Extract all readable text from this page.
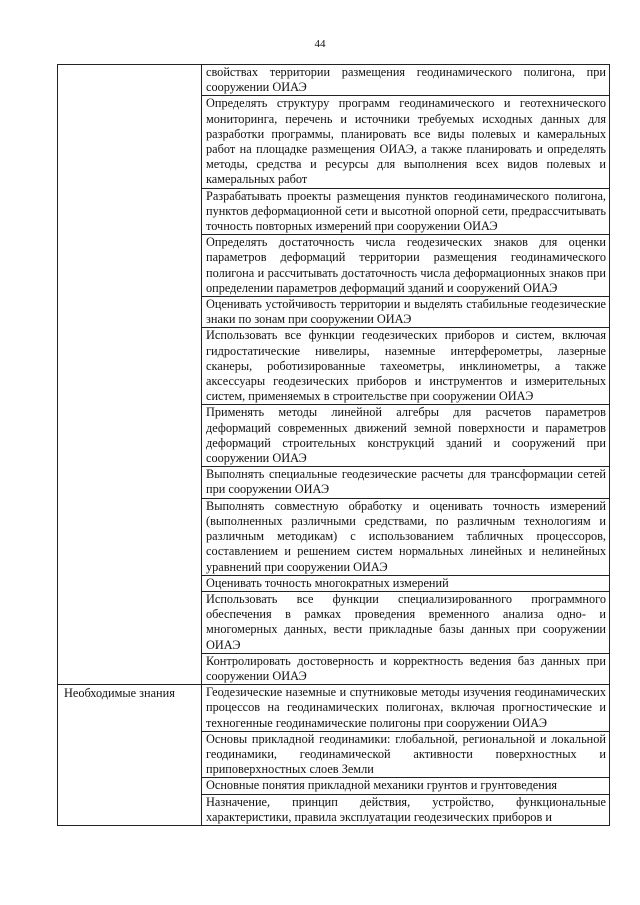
44
	свойствах территории размещения геодинамического полигона, при сооружении ОИАЭ
	Определять структуру программ геодинамического и геотехнического мониторинга, перечень и источники требуемых исходных данных для разработки программы, планировать все виды полевых и камеральных работ на площадке размещения ОИАЭ, а также планировать и определять методы, средства и ресурсы для выполнения всех видов полевых и камеральных работ
	Разрабатывать проекты размещения пунктов геодинамического полигона, пунктов деформационной сети и высотной опорной сети, предрассчитывать точность повторных измерений при сооружении ОИАЭ
	Определять достаточность числа геодезических знаков для оценки параметров деформаций территории размещения геодинамического полигона и рассчитывать достаточность числа деформационных знаков при определении параметров деформаций зданий и сооружений ОИАЭ
	Оценивать устойчивость территории и выделять стабильные геодезические знаки по зонам при сооружении ОИАЭ
	Использовать все функции геодезических приборов и систем, включая гидростатические нивелиры, наземные интерферометры, лазерные сканеры, роботизированные тахеометры, инклинометры, а также аксессуары геодезических приборов и инструментов и измерительных систем, применяемых в строительстве при сооружении ОИАЭ
	Применять методы линейной алгебры для расчетов параметров деформаций современных движений земной поверхности и параметров деформаций строительных конструкций зданий и сооружений при сооружении ОИАЭ
	Выполнять специальные геодезические расчеты для трансформации сетей при сооружении ОИАЭ
	Выполнять совместную обработку и оценивать точность измерений (выполненных различными средствами, по различным технологиям и различным методикам) с использованием табличных процессоров, составлением и решением систем нормальных линейных и нелинейных уравнений при сооружении ОИАЭ
	Оценивать точность многократных измерений
	Использовать все функции специализированного программного обеспечения в рамках проведения временного анализа одно- и многомерных данных, вести прикладные базы данных при сооружении ОИАЭ
	Контролировать достоверность и корректность ведения баз данных при сооружении ОИАЭ
Необходимые знания	Геодезические наземные и спутниковые методы изучения геодинамических процессов на геодинамических полигонах, включая прогностические и техногенные геодинамические полигоны при сооружении ОИАЭ
	Основы прикладной геодинамики: глобальной, региональной и локальной геодинамики, геодинамической активности поверхностных и приповерхностных слоев Земли
	Основные понятия прикладной механики грунтов и грунтоведения
	Назначение, принцип действия, устройство, функциональные характеристики, правила эксплуатации геодезических приборов и
